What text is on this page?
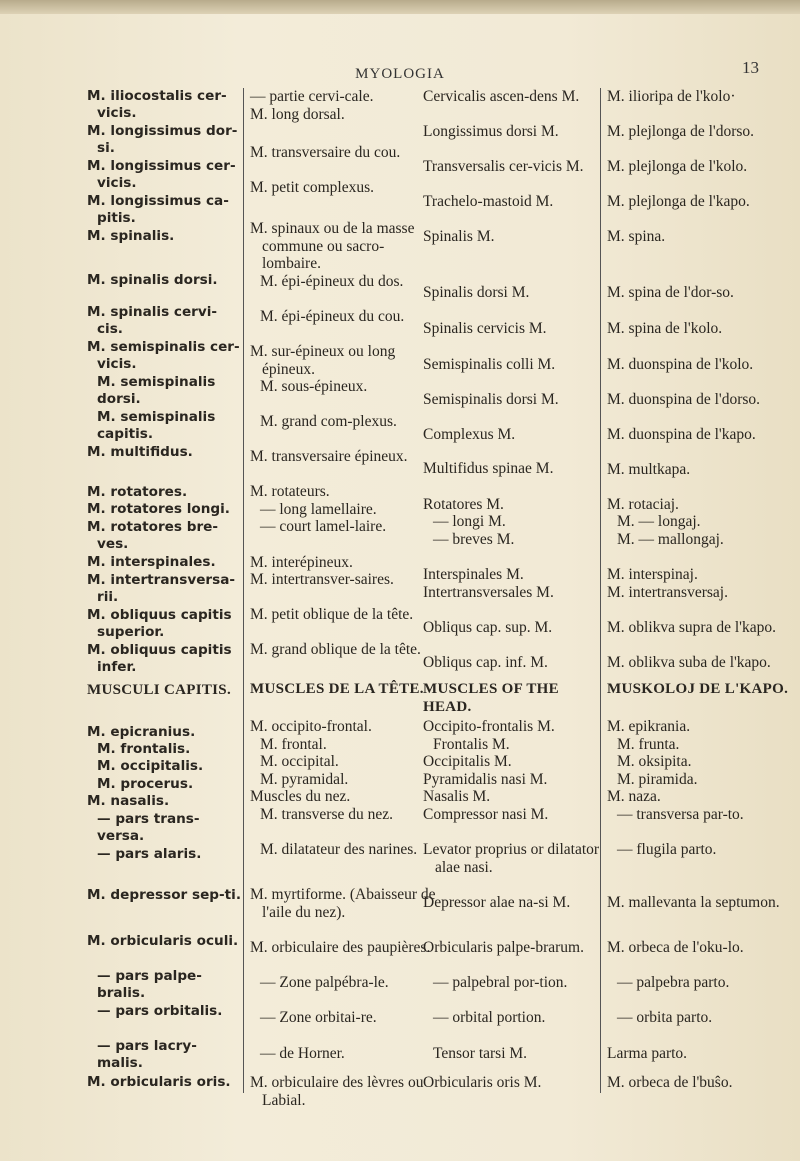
MYOLOGIA	13
M. iliocostalis cer-vicis.
M. longissimus dor-si.
M. longissimus cer-vicis.
M. longissimus ca-pitis.
M. spinalis.
M. spinalis dorsi.
M. spinalis cervi-cis.
M. semispinalis cer-vicis.
M. semispinalis dorsi.
M. semispinalis capitis.
M. multifidus.
M. rotatores.
M. rotatores longi.
M. rotatores bre-ves.
M. interspinales.
M. intertransversa-rii.
M. obliquus capitis superior.
M. obliquus capitis infer.
MUSCULI CAPITIS.
M. epicranius.
M. frontalis.
M. occipitalis.
M. procerus.
M. nasalis.
— pars trans-versa.
— pars alaris.
M. depressor sep-ti.
M. orbicularis oculi.
— pars palpe-bralis.
— pars orbitalis.
— pars lacry-malis.
M. orbicularis oris.
— partie cervi-cale.
M. long dorsal.
M. transversaire du cou.
M. petit complexus.
M. spinaux ou de la masse commune ou sacro-lombaire.
M. épi-épineux du dos.
M. épi-épineux du cou.
M. sur-épineux ou long épineux.
M. sous-épineux.
M. grand com-plexus.
M. transversaire épineux.
M. rotateurs.
— long lamellaire.
— court lamel-laire.
M. interépineux.
M. intertransver-saires.
M. petit oblique de la tête.
M. grand oblique de la tête.
MUSCLES DE LA TÊTE.
M. occipito-frontal.
M. frontal.
M. occipital.
M. pyramidal.
Muscles du nez.
M. transverse du nez.
M. dilatateur des narines.
M. myrtiforme. (Abaisseur de l'aile du nez).
M. orbiculaire des paupières.
— Zone palpébra-le.
— Zone orbitai-re.
— de Horner.
M. orbiculaire des lèvres ou Labial.
Cervicalis ascen-dens M.
Longissimus dorsi M.
Transversalis cer-vicis M.
Trachelo-mastoid M.
Spinalis M.
Spinalis dorsi M.
Spinalis cervicis M.
Semispinalis colli M.
Semispinalis dorsi M.
Complexus M.
Multifidus spinae M.
Rotatores M.
— longi M.
— breves M.
Interspinales M.
Intertransversales M.
Obliqus cap. sup. M.
Obliqus cap. inf. M.
MUSCLES OF THE HEAD.
Occipito-frontalis M.
Frontalis M.
Occipitalis M.
Pyramidalis nasi M.
Nasalis M.
Compressor nasi M.
Levator proprius or dilatator alae nasi.
Depressor alae na-si M.
Orbicularis palpe-brarum.
— palpebral por-tion.
— orbital portion.
Tensor tarsi M.
Orbicularis oris M.
M. ilioripa de l'kolo·
M. plejlonga de l'dorso.
M. plejlonga de l'kolo.
M. plejlonga de l'kapo.
M. spina.
M. spina de l'dor-so.
M. spina de l'kolo.
M. duonspina de l'kolo.
M. duonspina de l'dorso.
M. duonspina de l'kapo.
M. multkapa.
M. rotaciaj.
M. — longaj.
M. — mallongaj.
M. interspinaj.
M. intertransversaj.
M. oblikva supra de l'kapo.
M. oblikva suba de l'kapo.
MUSKOLOJ DE L'KAPO.
M. epikrania.
M. frunta.
M. oksipita.
M. piramida.
M. naza.
— transversa par-to.
— flugila parto.
M. mallevanta la septumon.
M. orbeca de l'oku-lo.
— palpebra parto.
— orbita parto.
Larma parto.
M. orbeca de l'buŝo.
